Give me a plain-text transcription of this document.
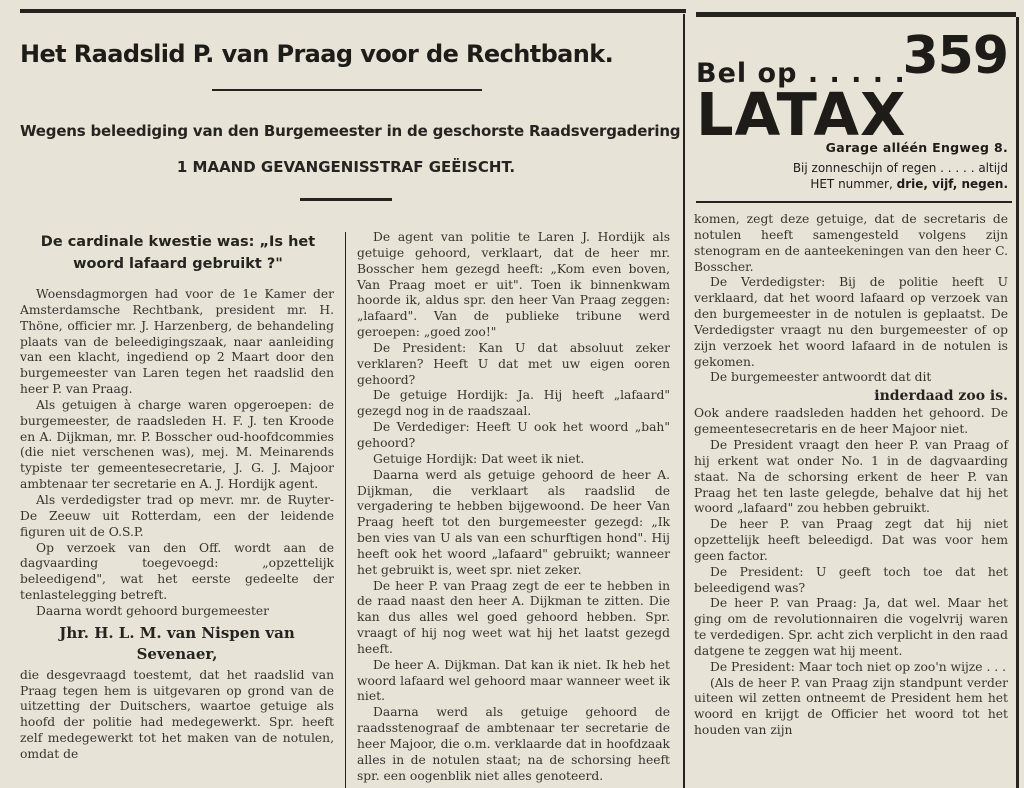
Het Raadslid P. van Praag voor de Rechtbank.
Wegens beleediging van den Burgemeester in de geschorste Raadsvergadering
1 MAAND GEVANGENISSTRAF GEËISCHT.
Bel op . . . . .
359
LATAX
Garage alléén Engweg 8.
Bij zonneschijn of regen . . . . . altijd
HET nummer, drie, vijf, negen.
De cardinale kwestie was: „Is het woord lafaard gebruikt ?"

Woensdagmorgen had voor de 1e Kamer der Amsterdamsche Rechtbank, president mr. H. Thöne, officier mr. J. Harzenberg, de behandeling plaats van de beleedigingszaak, naar aanleiding van een klacht, ingediend op 2 Maart door den burgemeester van Laren tegen het raadslid den heer P. van Praag.

Als getuigen à charge waren opgeroepen: de burgemeester, de raadsleden H. F. J. ten Kroode en A. Dijkman, mr. P. Bosscher oud-hoofdcommies (die niet verschenen was), mej. M. Meinarends typiste ter gemeentesecretarie, J. G. J. Majoor ambtenaar ter secretarie en A. J. Hordijk agent.

Als verdedigster trad op mevr. mr. de Ruyter-De Zeeuw uit Rotterdam, een der leidende figuren uit de O.S.P.

Op verzoek van den Off. wordt aan de dagvaarding toegevoegd: „opzettelijk beleedigend", wat het eerste gedeelte der tenlastelegging betreft.

Daarna wordt gehoord burgemeester

Jhr. H. L. M. van Nispen van Sevenaer,

die desgevraagd toestemt, dat het raadslid van Praag tegen hem is uitgevaren op grond van de uitzetting der Duitschers, waartoe getuige als hoofd der politie had medegewerkt. Spr. heeft zelf medegewerkt tot het maken van de notulen, omdat de

De agent van politie te Laren J. Hordijk als getuige gehoord, verklaart, dat de heer mr. Bosscher hem gezegd heeft: „Kom even boven, Van Praag moet er uit". Toen ik binnenkwam hoorde ik, aldus spr. den heer Van Praag zeggen: „lafaard". Van de publieke tribune werd geroepen: „goed zoo!"

De President: Kan U dat absoluut zeker verklaren? Heeft U dat met uw eigen ooren gehoord?

De getuige Hordijk: Ja. Hij heeft „lafaard" gezegd nog in de raadszaal.

De Verdediger: Heeft U ook het woord „bah" gehoord?

Getuige Hordijk: Dat weet ik niet.

Daarna werd als getuige gehoord de heer A. Dijkman, die verklaart als raadslid de vergadering te hebben bijgewoond. De heer Van Praag heeft tot den burgemeester gezegd: „Ik ben vies van U als van een schurftigen hond". Hij heeft ook het woord „lafaard" gebruikt; wanneer het gebruikt is, weet spr. niet zeker.

De heer P. van Praag zegt de eer te hebben in de raad naast den heer A. Dijkman te zitten. Die kan dus alles wel goed gehoord hebben. Spr. vraagt of hij nog weet wat hij het laatst gezegd heeft.

De heer A. Dijkman. Dat kan ik niet. Ik heb het woord lafaard wel gehoord maar wanneer weet ik niet.

Daarna werd als getuige gehoord de raadsstenograaf de ambtenaar ter secretarie de heer Majoor, die o.m. verklaarde dat in hoofdzaak alles in de notulen staat; na de schorsing heeft spr. een oogenblik niet alles genoteerd.

komen, zegt deze getuige, dat de secretaris de notulen heeft samengesteld volgens zijn stenogram en de aanteekeningen van den heer C. Bosscher.

De Verdedigster: Bij de politie heeft U verklaard, dat het woord lafaard op verzoek van den burgemeester in de notulen is geplaatst. De Verdedigster vraagt nu den burgemeester of op zijn verzoek het woord lafaard in de notulen is gekomen.

De burgemeester antwoordt dat dit

inderdaad zoo is.

Ook andere raadsleden hadden het gehoord. De gemeentesecretaris en de heer Majoor niet.

De President vraagt den heer P. van Praag of hij erkent wat onder No. 1 in de dagvaarding staat. Na de schorsing erkent de heer P. van Praag het ten laste gelegde, behalve dat hij het woord „lafaard" zou hebben gebruikt.

De heer P. van Praag zegt dat hij niet opzettelijk heeft beleedigd. Dat was voor hem geen factor.

De President: U geeft toch toe dat het beleedigend was?

De heer P. van Praag: Ja, dat wel. Maar het ging om de revolutionnairen die vogelvrij waren te verdedigen. Spr. acht zich verplicht in den raad datgene te zeggen wat hij meent.

De President: Maar toch niet op zoo'n wijze . . .

(Als de heer P. van Praag zijn standpunt verder uiteen wil zetten ontneemt de President hem het woord en krijgt de Officier het woord tot het houden van zijn
